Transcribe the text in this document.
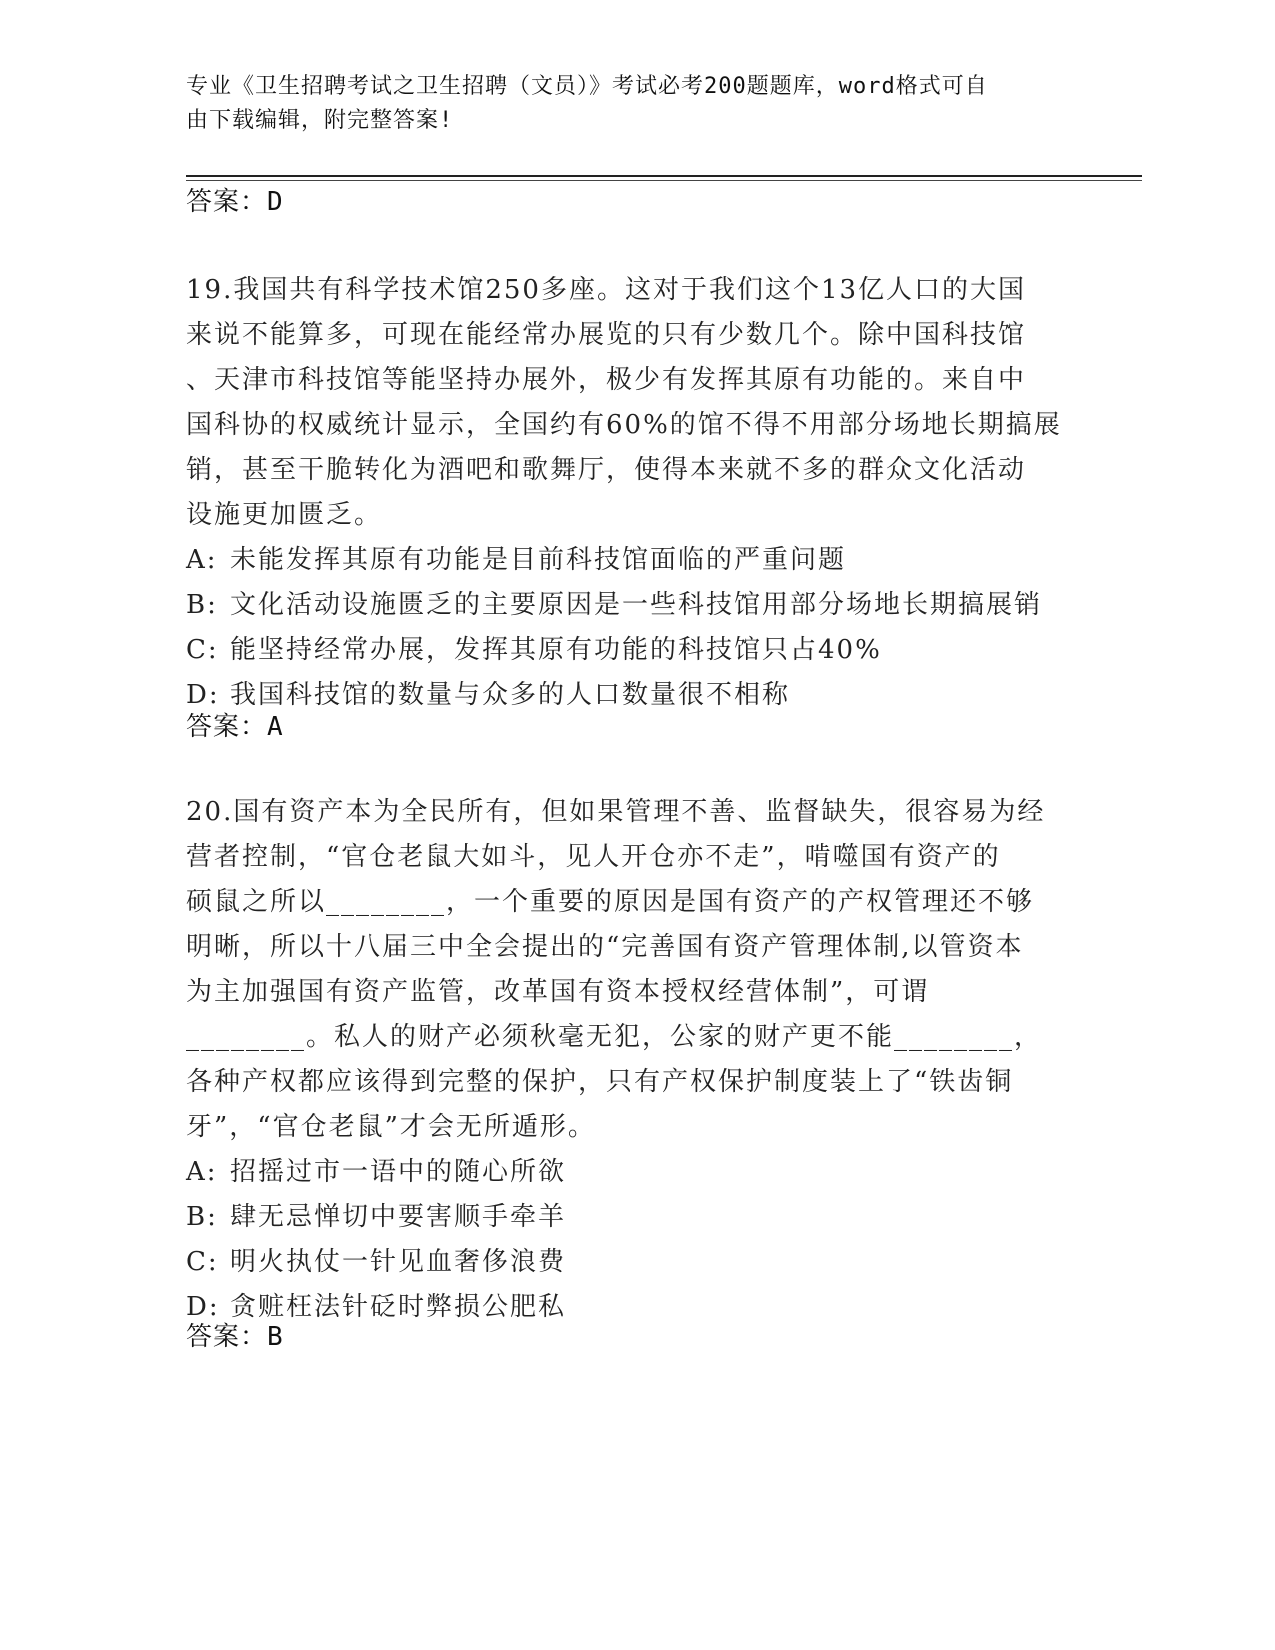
专业《卫生招聘考试之卫生招聘（文员）》考试必考200题题库，word格式可自
由下载编辑，附完整答案!
答案：D
19.我国共有科学技术馆250多座。这对于我们这个13亿人口的大国
来说不能算多，可现在能经常办展览的只有少数几个。除中国科技馆
、天津市科技馆等能坚持办展外，极少有发挥其原有功能的。来自中
国科协的权威统计显示，全国约有60%的馆不得不用部分场地长期搞展
销，甚至干脆转化为酒吧和歌舞厅，使得本来就不多的群众文化活动
设施更加匮乏。
A: 未能发挥其原有功能是目前科技馆面临的严重问题
B: 文化活动设施匮乏的主要原因是一些科技馆用部分场地长期搞展销
C: 能坚持经常办展，发挥其原有功能的科技馆只占40%
D: 我国科技馆的数量与众多的人口数量很不相称
答案：A
20.国有资产本为全民所有，但如果管理不善、监督缺失，很容易为经
营者控制，“官仓老鼠大如斗，见人开仓亦不走”，啃噬国有资产的
硕鼠之所以________，一个重要的原因是国有资产的产权管理还不够
明晰，所以十八届三中全会提出的“完善国有资产管理体制,以管资本
为主加强国有资产监管，改革国有资本授权经营体制”，可谓
________。私人的财产必须秋毫无犯，公家的财产更不能________，
各种产权都应该得到完整的保护，只有产权保护制度装上了“铁齿铜
牙”，“官仓老鼠”才会无所遁形。
A: 招摇过市一语中的随心所欲
B: 肆无忌惮切中要害顺手牵羊
C: 明火执仗一针见血奢侈浪费
D: 贪赃枉法针砭时弊损公肥私
答案：B
